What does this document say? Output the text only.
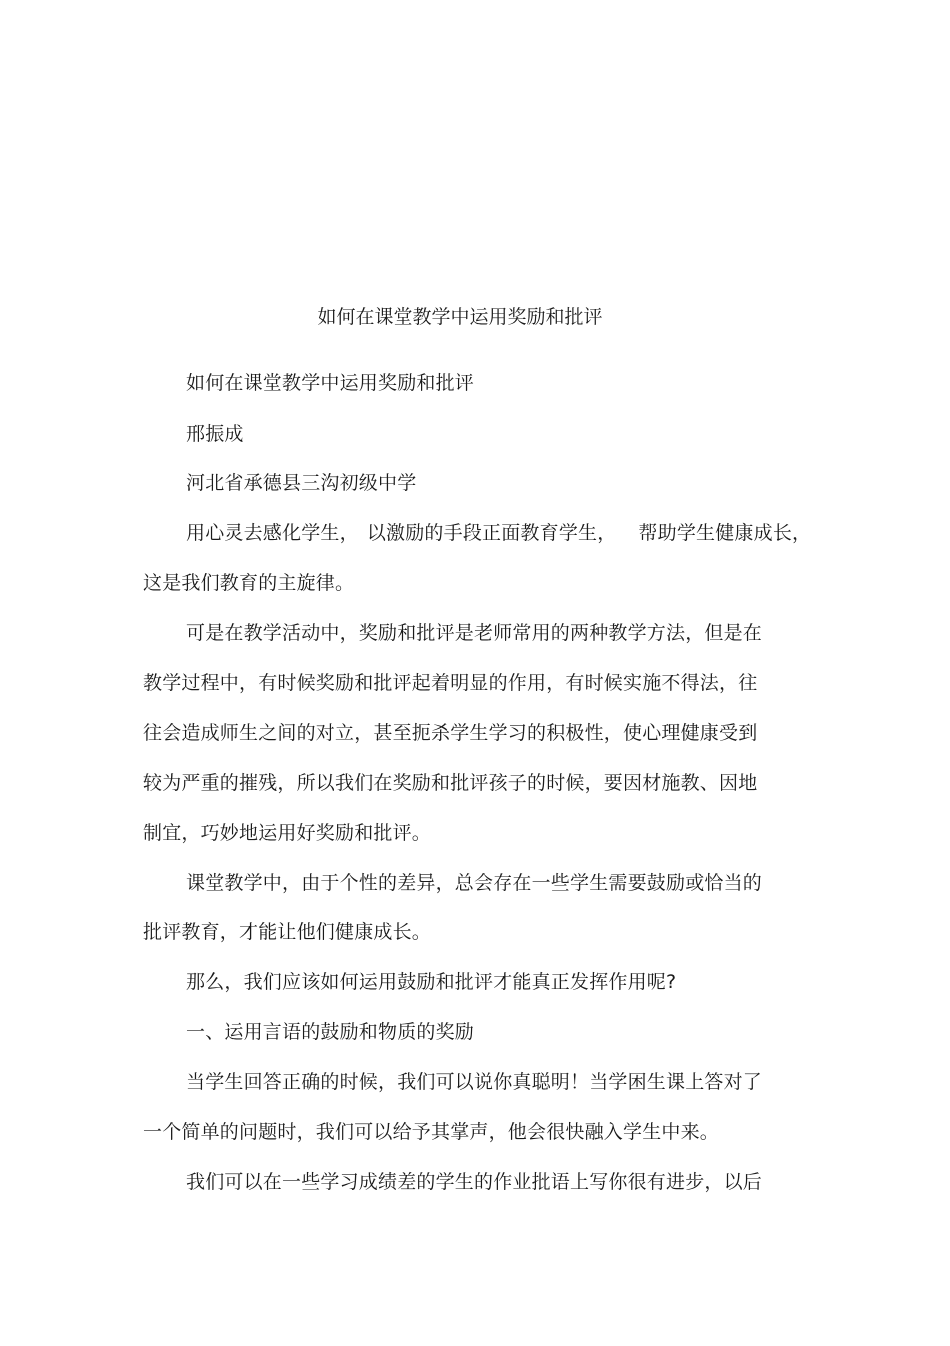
如何在课堂教学中运用奖励和批评
如何在课堂教学中运用奖励和批评
邢振成
河北省承德县三沟初级中学
用心灵去感化学生， 以激励的手段正面教育学生， 帮助学生健康成长，
这是我们教育的主旋律。
可是在教学活动中，奖励和批评是老师常用的两种教学方法，但是在
教学过程中，有时候奖励和批评起着明显的作用，有时候实施不得法，往
往会造成师生之间的对立，甚至扼杀学生学习的积极性，使心理健康受到
较为严重的摧残，所以我们在奖励和批评孩子的时候，要因材施教、因地
制宜，巧妙地运用好奖励和批评。
课堂教学中，由于个性的差异，总会存在一些学生需要鼓励或恰当的
批评教育，才能让他们健康成长。
那么，我们应该如何运用鼓励和批评才能真正发挥作用呢?
一、运用言语的鼓励和物质的奖励
当学生回答正确的时候，我们可以说你真聪明！当学困生课上答对了
一个简单的问题时，我们可以给予其掌声，他会很快融入学生中来。
我们可以在一些学习成绩差的学生的作业批语上写你很有进步，以后
